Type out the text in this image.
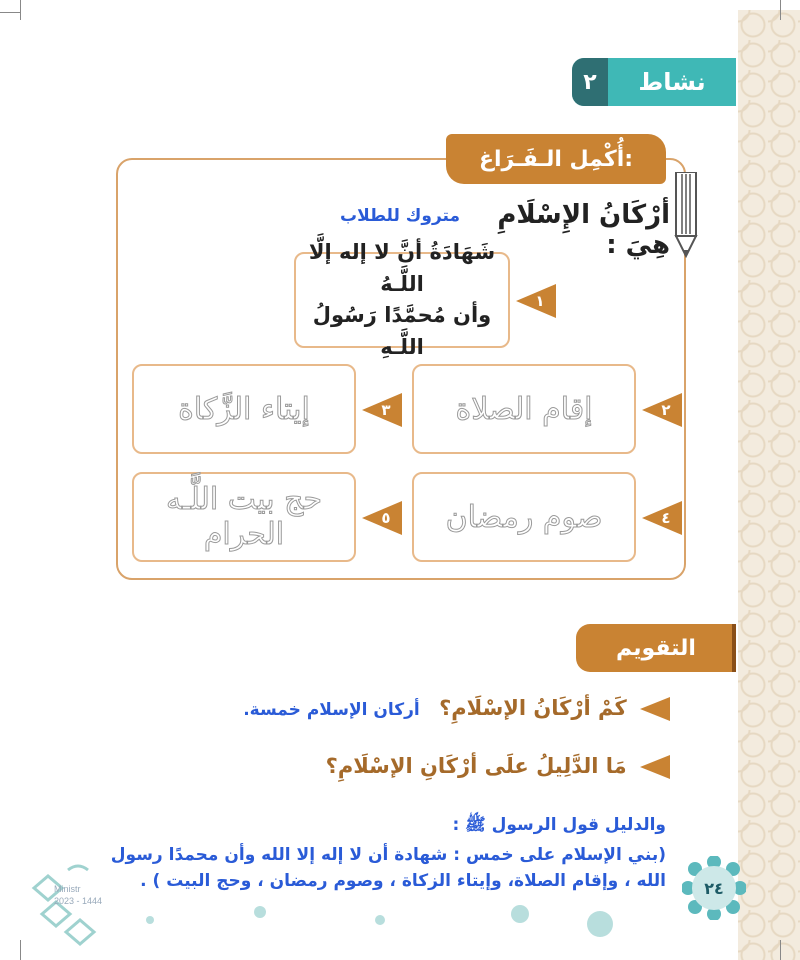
٢	نشاط
أُكْمِل الـفَـرَاغ:
أرْكَانُ الإِسْلَامِ هِيَ :
متروك للطلاب
١
شَهَادَةُ أنَّ لا إله إلَّا اللَّـهُ
وأن مُحمَّدًا رَسُولُ اللَّـهِ
٢
إقام الصلاة
٣
إيتاء الزَّكاة
٤
صوم رمضان
٥
حج بيت اللَّـه الحرام
التقويم
كَمْ أرْكَانُ الإسْلَامِ؟ أركان الإسلام خمسة.
مَا الدَّلِيلُ علَى أرْكَانِ الإسْلَامِ؟
والدليل قول الرسول ﷺ :
(بني الإسلام على خمس : شهادة أن لا إله إلا الله وأن محمدًا رسول الله ، وإقام الصلاة، وإيتاء الزكاة ، وصوم رمضان ، وحج البيت ) .	٢٤
Ministr
2023 - 1444
